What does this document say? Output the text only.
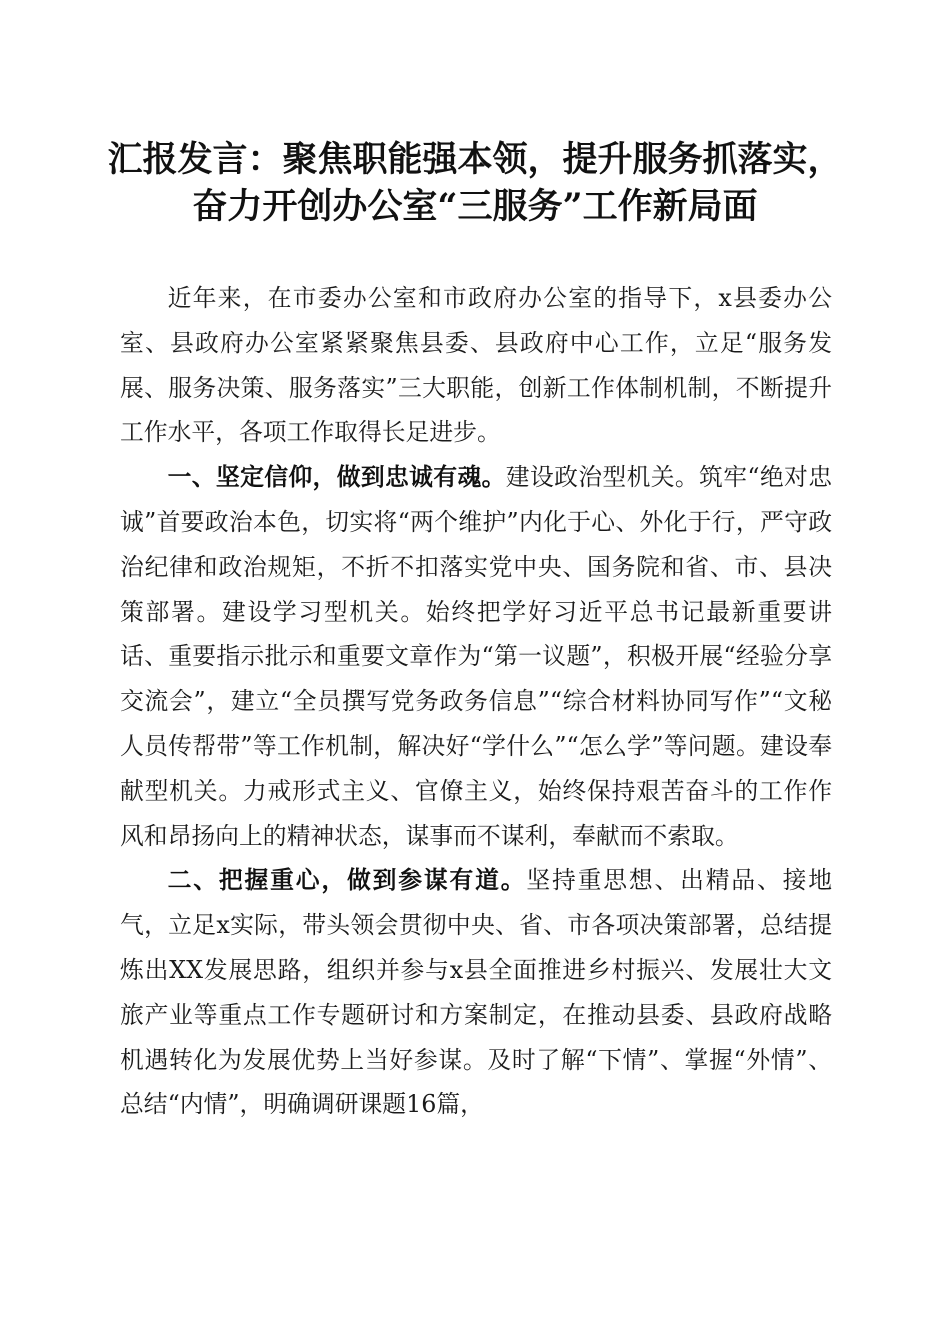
汇报发言：聚焦职能强本领，提升服务抓落实，
奋力开创办公室“三服务”工作新局面

近年来，在市委办公室和市政府办公室的指导下，x县委办公室、县政府办公室紧紧聚焦县委、县政府中心工作，立足“服务发展、服务决策、服务落实”三大职能，创新工作体制机制，不断提升工作水平，各项工作取得长足进步。

一、坚定信仰，做到忠诚有魂。建设政治型机关。筑牢“绝对忠诚”首要政治本色，切实将“两个维护”内化于心、外化于行，严守政治纪律和政治规矩，不折不扣落实党中央、国务院和省、市、县决策部署。建设学习型机关。始终把学好习近平总书记最新重要讲话、重要指示批示和重要文章作为“第一议题”，积极开展“经验分享交流会”，建立“全员撰写党务政务信息”“综合材料协同写作”“文秘人员传帮带”等工作机制，解决好“学什么”“怎么学”等问题。建设奉献型机关。力戒形式主义、官僚主义，始终保持艰苦奋斗的工作作风和昂扬向上的精神状态，谋事而不谋利，奉献而不索取。

二、把握重心，做到参谋有道。坚持重思想、出精品、接地气，立足x实际，带头领会贯彻中央、省、市各项决策部署，总结提炼出XX发展思路，组织并参与x县全面推进乡村振兴、发展壮大文旅产业等重点工作专题研讨和方案制定，在推动县委、县政府战略机遇转化为发展优势上当好参谋。及时了解“下情”、掌握“外情”、总结“内情”，明确调研课题16篇，
